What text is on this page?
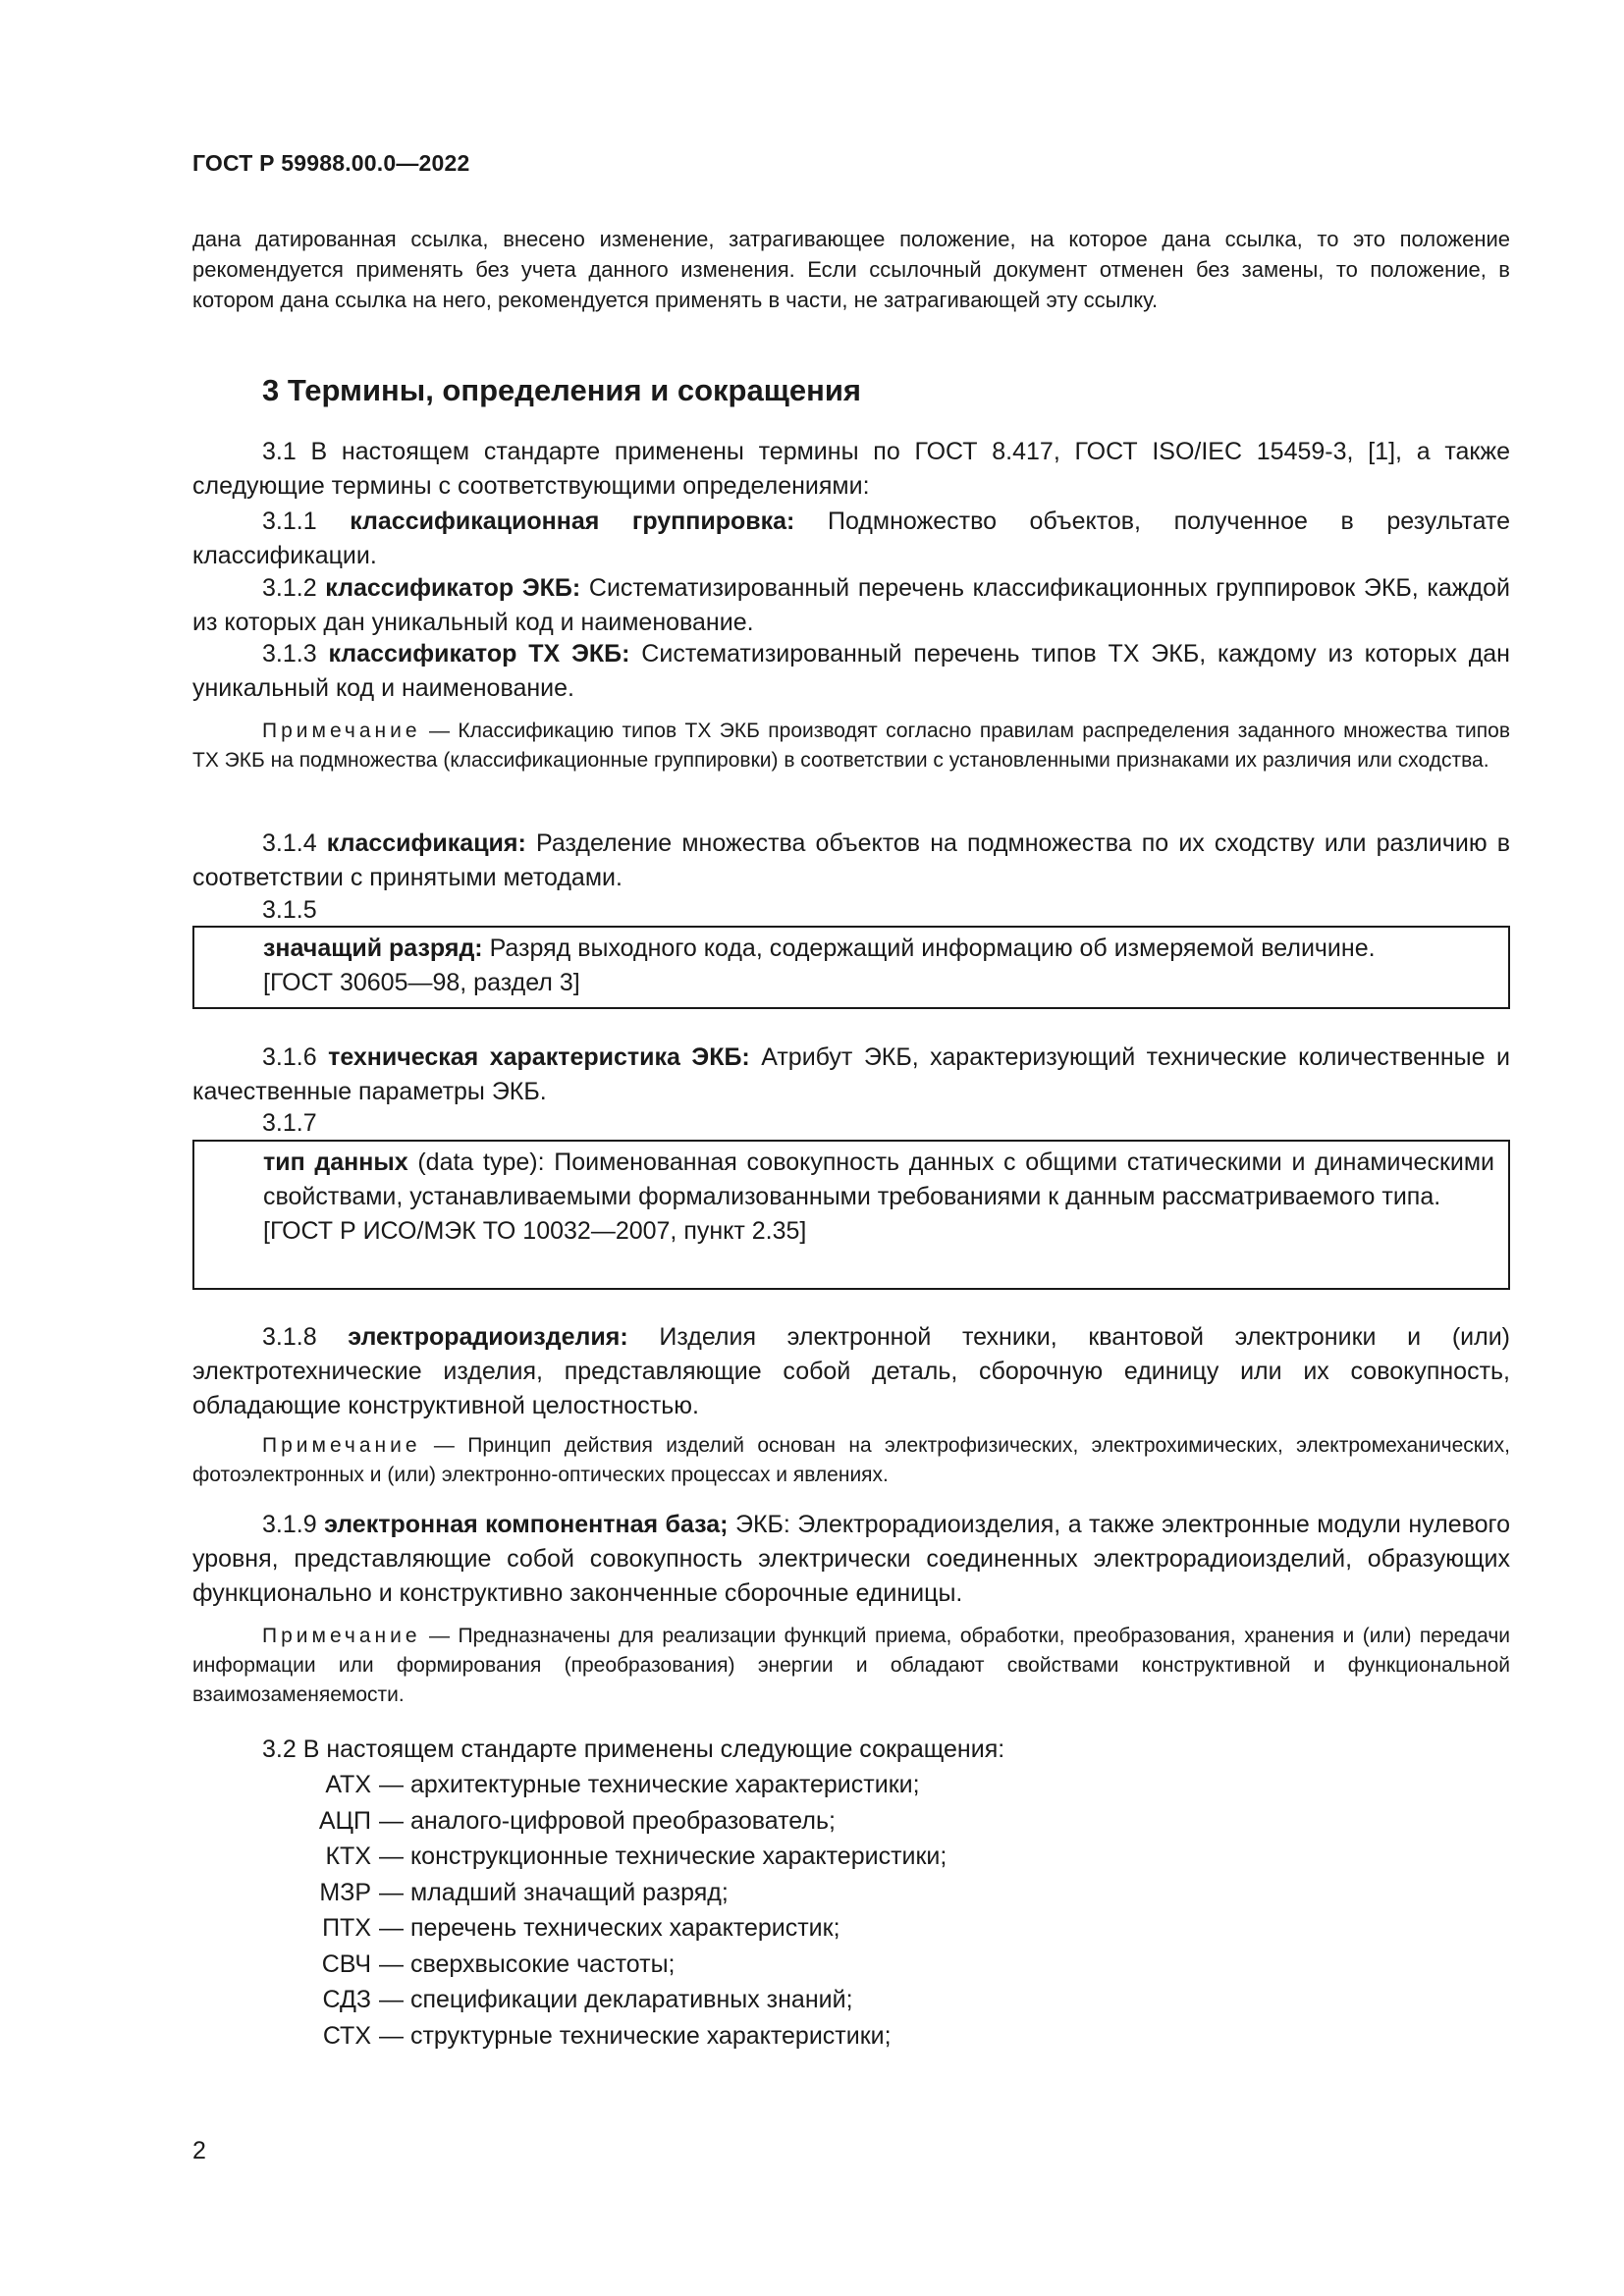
ГОСТ Р 59988.00.0—2022

дана датированная ссылка, внесено изменение, затрагивающее положение, на которое дана ссылка, то это положение рекомендуется применять без учета данного изменения. Если ссылочный документ отменен без замены, то положение, в котором дана ссылка на него, рекомендуется применять в части, не затрагивающей эту ссылку.

3 Термины, определения и сокращения

3.1 В настоящем стандарте применены термины по ГОСТ 8.417, ГОСТ ISO/IEC 15459-3, [1], а также следующие термины с соответствующими определениями:

3.1.1 классификационная группировка: Подмножество объектов, полученное в результате классификации.

3.1.2 классификатор ЭКБ: Систематизированный перечень классификационных группировок ЭКБ, каждой из которых дан уникальный код и наименование.

3.1.3 классификатор ТХ ЭКБ: Систематизированный перечень типов ТХ ЭКБ, каждому из которых дан уникальный код и наименование.

Примечание — Классификацию типов ТХ ЭКБ производят согласно правилам распределения заданного множества типов ТХ ЭКБ на подмножества (классификационные группировки) в соответствии с установленными признаками их различия или сходства.

3.1.4 классификация: Разделение множества объектов на подмножества по их сходству или различию в соответствии с принятыми методами.

3.1.5

значащий разряд: Разряд выходного кода, содержащий информацию об измеряемой величине.

[ГОСТ 30605—98, раздел 3]

3.1.6 техническая характеристика ЭКБ: Атрибут ЭКБ, характеризующий технические количественные и качественные параметры ЭКБ.

3.1.7

тип данных (data type): Поименованная совокупность данных с общими статическими и динамическими свойствами, устанавливаемыми формализованными требованиями к данным рассматриваемого типа.

[ГОСТ Р ИСО/МЭК ТО 10032—2007, пункт 2.35]

3.1.8 электрорадиоизделия: Изделия электронной техники, квантовой электроники и (или) электротехнические изделия, представляющие собой деталь, сборочную единицу или их совокупность, обладающие конструктивной целостностью.

Примечание — Принцип действия изделий основан на электрофизических, электрохимических, электромеханических, фотоэлектронных и (или) электронно-оптических процессах и явлениях.

3.1.9 электронная компонентная база; ЭКБ: Электрорадиоизделия, а также электронные модули нулевого уровня, представляющие собой совокупность электрически соединенных электрорадиоизделий, образующих функционально и конструктивно законченные сборочные единицы.

Примечание — Предназначены для реализации функций приема, обработки, преобразования, хранения и (или) передачи информации или формирования (преобразования) энергии и обладают свойствами конструктивной и функциональной взаимозаменяемости.

3.2 В настоящем стандарте применены следующие сокращения:

АТХ — архитектурные технические характеристики;
АЦП — аналого-цифровой преобразователь;
КТХ — конструкционные технические характеристики;
МЗР — младший значащий разряд;
ПТХ — перечень технических характеристик;
СВЧ — сверхвысокие частоты;
СДЗ — спецификации декларативных знаний;
СТХ — структурные технические характеристики;
2
